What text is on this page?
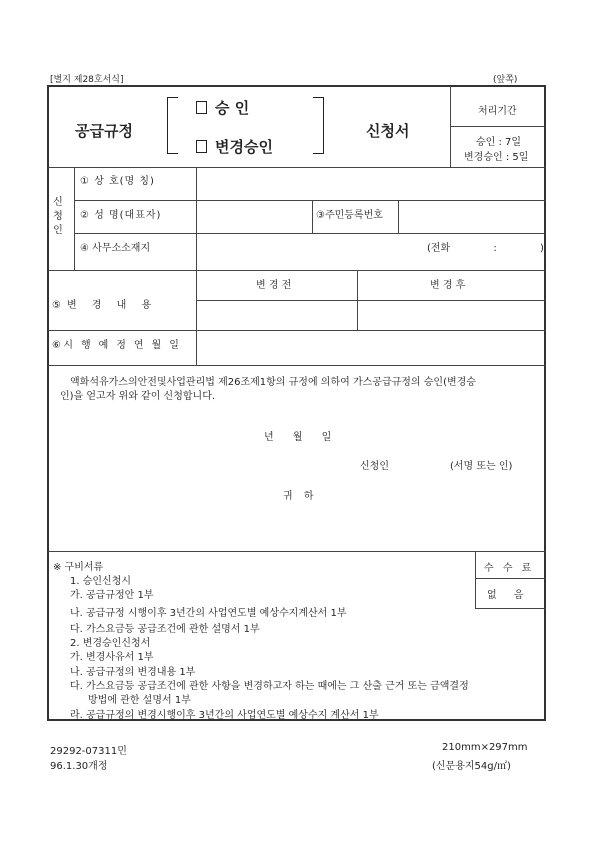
[별지 제28호서식]	(앞쪽)
공급규정
승 인
변경승인
신청서
처리기간
승인 : 7일
변경승인 : 5일
신 청 인
① 상 호(명 칭)
② 성 명(대표자)	③주민등록번호
④ 사무소소재지	(전화 : )
변 경 전	변 경 후
⑤변 경 내 용
⑥시 행 예 정 연 월 일
액화석유가스의안전및사업관리법 제26조제1항의 규정에 의하여 가스공급규정의 승인(변경승
인)을 얻고자 위와 같이 신청합니다.
년 월 일
신청인	(서명 또는 인)
귀 하
수 수 료
없 음
※ 구비서류
1. 승인신청시
가. 공급규정안 1부
나. 공급규정 시행이후 3년간의 사업연도별 예상수지계산서 1부
다. 가스요금등 공급조건에 관한 설명서 1부
2. 변경승인신청서
가. 변경사유서 1부
나. 공급규정의 변경내용 1부
다. 가스요금등 공급조건에 관한 사항을 변경하고자 하는 때에는 그 산출 근거 또는 금액결정
방법에 관한 설명서 1부
라. 공급규정의 변경시행이후 3년간의 사업연도별 예상수지 계산서 1부
29292-07311민
96.1.30개정
210mm×297mm
(신문용지54g/㎡)
